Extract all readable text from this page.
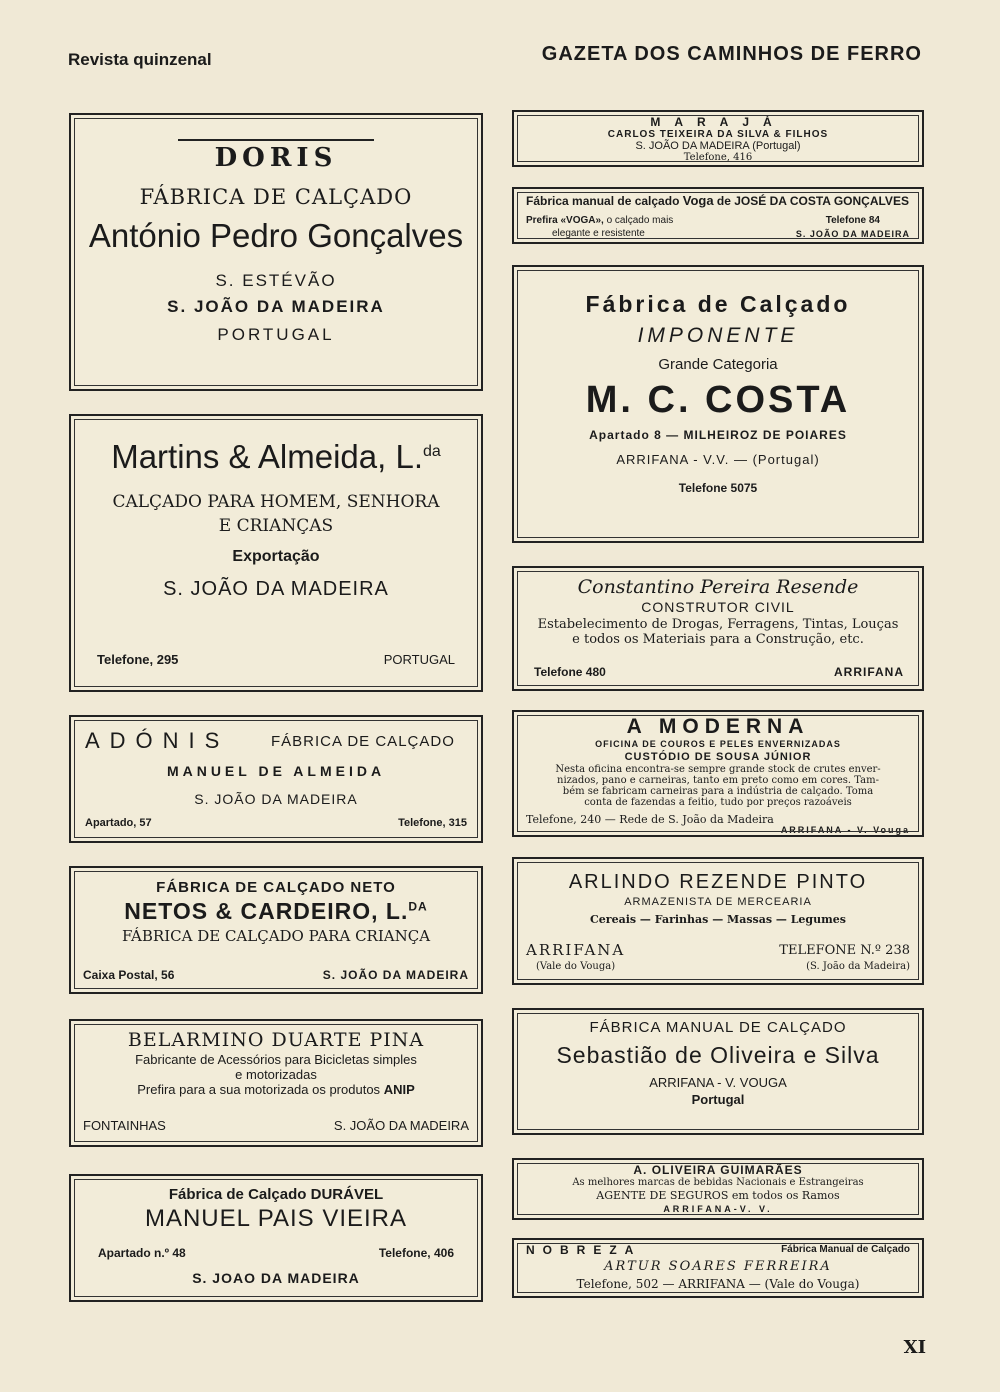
Revista quinzenal	GAZETA DOS CAMINHOS DE FERRO
DORIS
FÁBRICA DE CALÇADO
António Pedro Gonçalves
S. ESTÉVÃO
S. JOÃO DA MADEIRA
PORTUGAL
Martins & Almeida, L.$^{da}$
CALÇADO PARA HOMEM, SENHORA
E CRIANÇAS
Exportação
S. JOÃO DA MADEIRA
Telefone, 295	PORTUGAL
ADÓNIS	FÁBRICA DE CALÇADO
MANUEL DE ALMEIDA
S. JOÃO DA MADEIRA
Apartado, 57	Telefone, 315
FÁBRICA DE CALÇADO NETO
NETOS & CARDEIRO, L.$^{DA}$
FÁBRICA DE CALÇADO PARA CRIANÇA
Caixa Postal, 56	S. JOÃO DA MADEIRA
BELARMINO DUARTE PINA
Fabricante de Acessórios para Bicicletas simples
e motorizadas
Prefira para a sua motorizada os produtos ANIP
FONTAINHAS	S. JOÃO DA MADEIRA
Fábrica de Calçado DURÁVEL
MANUEL PAIS VIEIRA
Apartado n.º 48	Telefone, 406
S. JOAO DA MADEIRA
MARAJÁ
CARLOS TEIXEIRA DA SILVA & FILHOS
S. JOÃO DA MADEIRA (Portugal)
Telefone, 416
Fábrica manual de calçado Voga de JOSÉ DA COSTA GONÇALVES
Prefira «VOGA», o calçado mais
elegante e resistente
Telefone 84
S. JOÃO DA MADEIRA
Fábrica de Calçado
IMPONENTE
Grande Categoria
M. C. COSTA
Apartado 8 — MILHEIROZ DE POIARES
ARRIFANA - V.V. — (Portugal)
Telefone 5075
Constantino Pereira Resende
CONSTRUTOR CIVIL
Estabelecimento de Drogas, Ferragens, Tintas, Louças
e todos os Materiais para a Construção, etc.
Telefone 480	ARRIFANA
A MODERNA
OFICINA DE COUROS E PELES ENVERNIZADAS
CUSTÓDIO DE SOUSA JÚNIOR
Nesta oficina encontra-se sempre grande stock de crutes enver-
nizados, pano e carneiras, tanto em preto como em cores. Tam-
bém se fabricam carneiras para a indústria de calçado. Toma
conta de fazendas a feitio, tudo por preços razoáveis
Telefone, 240 — Rede de S. João da Madeira
ARRIFANA - V. Vouga
ARLINDO REZENDE PINTO
ARMAZENISTA DE MERCEARIA
Cereais — Farinhas — Massas — Legumes
ARRIFANA
(Vale do Vouga)
TELEFONE N.º 238
(S. João da Madeira)
FÁBRICA MANUAL DE CALÇADO
Sebastião de Oliveira e Silva
ARRIFANA - V. VOUGA
Portugal
A. OLIVEIRA GUIMARÃES
As melhores marcas de bebidas Nacionais e Estrangeiras
AGENTE DE SEGUROS em todos os Ramos
ARRIFANA-V. V.
NOBREZA	Fábrica Manual de Calçado
ARTUR SOARES FERREIRA
Telefone, 502 — ARRIFANA — (Vale do Vouga)
XI
